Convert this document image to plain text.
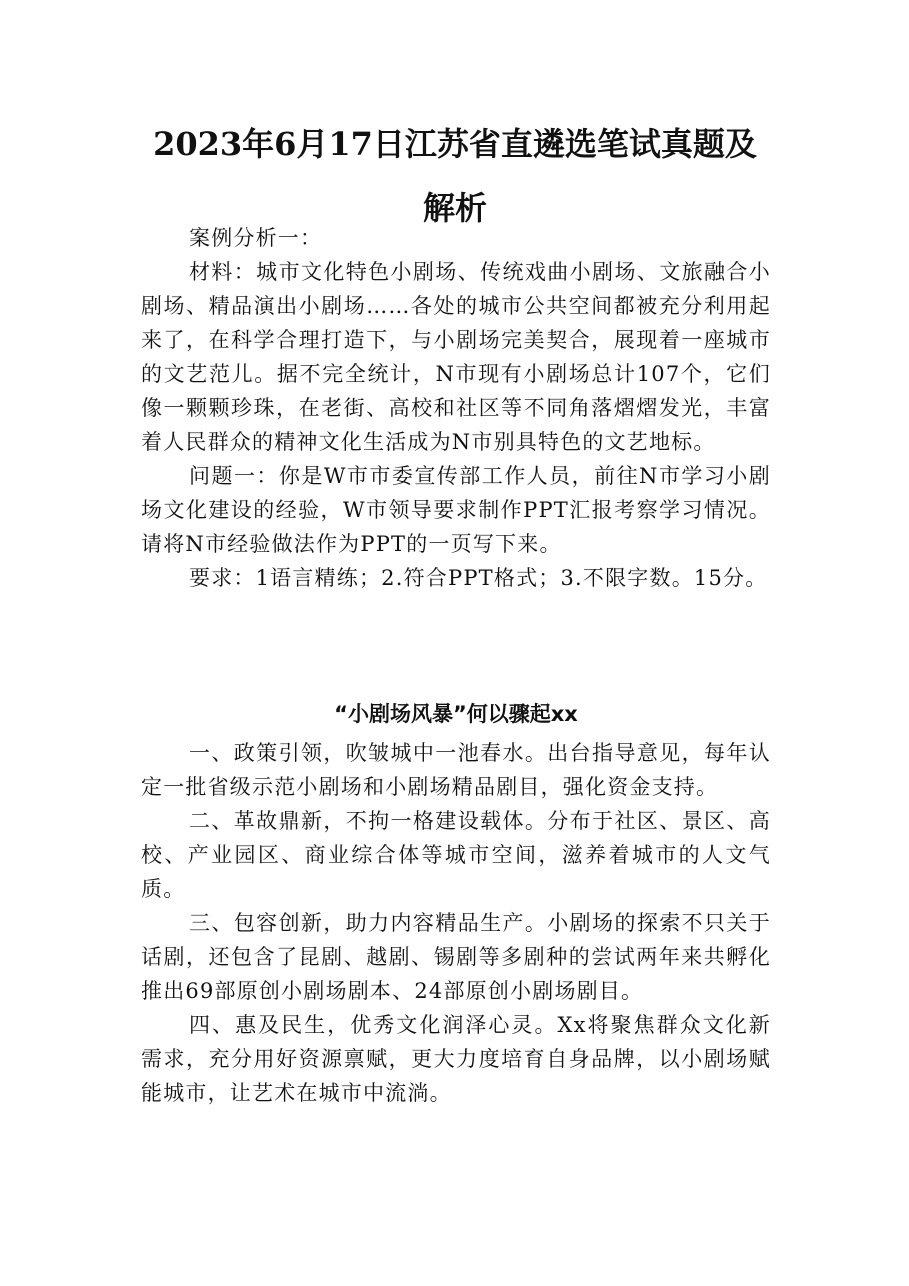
2023年6月17日江苏省直遴选笔试真题及
解析

案例分析一：

材料：城市文化特色小剧场、传统戏曲小剧场、文旅融合小剧场、精品演出小剧场……各处的城市公共空间都被充分利用起来了，在科学合理打造下，与小剧场完美契合，展现着一座城市的文艺范儿。据不完全统计，N市现有小剧场总计107个，它们像一颗颗珍珠，在老街、高校和社区等不同角落熠熠发光，丰富着人民群众的精神文化生活成为N市别具特色的文艺地标。

问题一：你是W市市委宣传部工作人员，前往N市学习小剧场文化建设的经验，W市领导要求制作PPT汇报考察学习情况。请将N市经验做法作为PPT的一页写下来。

要求：1语言精练；2.符合PPT格式；3.不限字数。15分。

“小剧场风暴”何以骤起xx

一、政策引领，吹皱城中一池春水。出台指导意见，每年认定一批省级示范小剧场和小剧场精品剧目，强化资金支持。

二、革故鼎新，不拘一格建设载体。分布于社区、景区、高校、产业园区、商业综合体等城市空间，滋养着城市的人文气质。

三、包容创新，助力内容精品生产。小剧场的探索不只关于话剧，还包含了昆剧、越剧、锡剧等多剧种的尝试两年来共孵化推出69部原创小剧场剧本、24部原创小剧场剧目。

四、惠及民生，优秀文化润泽心灵。Xx将聚焦群众文化新需求，充分用好资源禀赋，更大力度培育自身品牌，以小剧场赋能城市，让艺术在城市中流淌。
